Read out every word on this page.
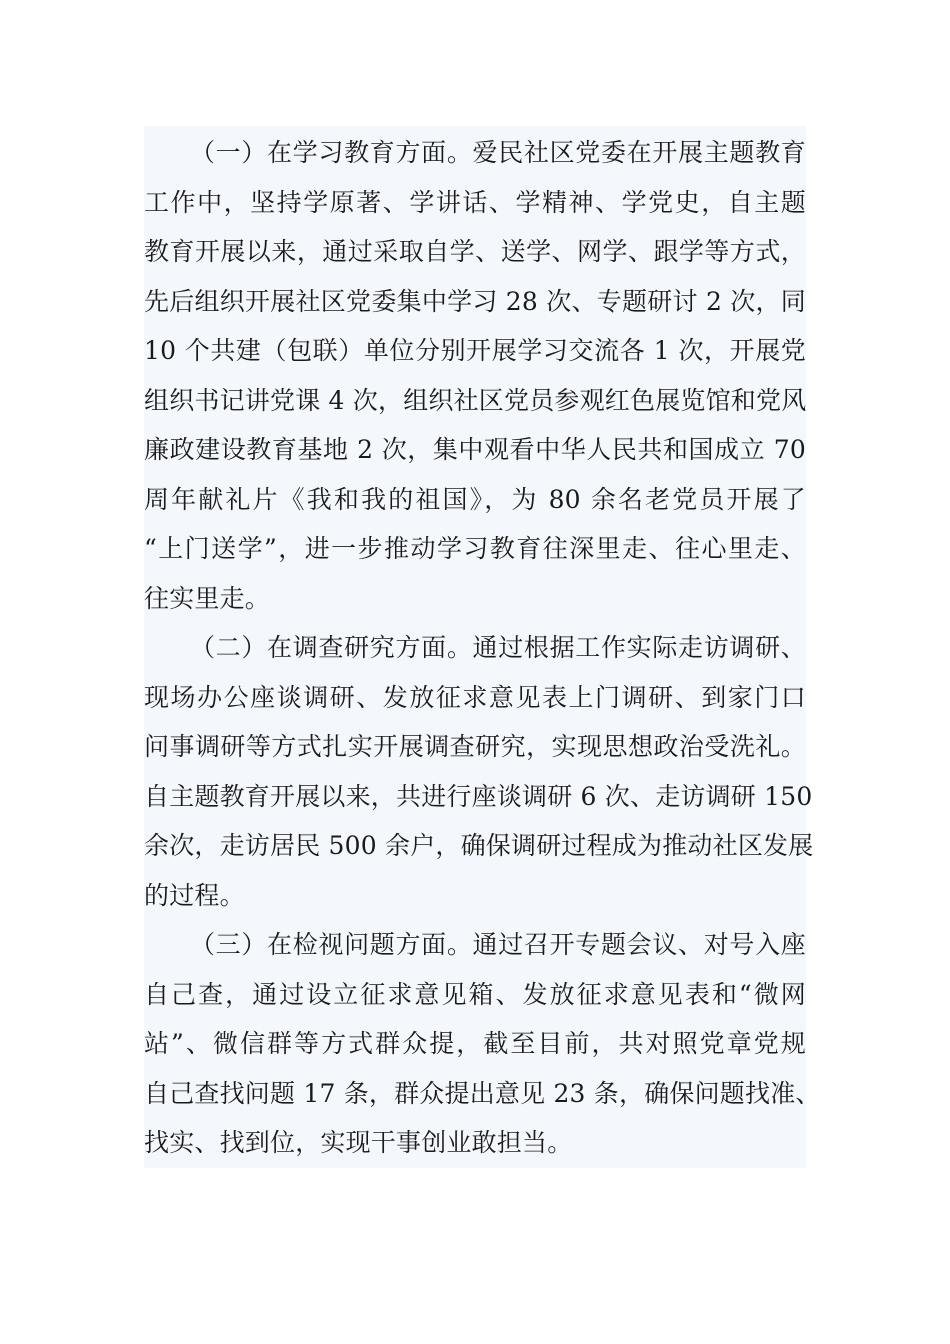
（一）在学习教育方面。爱民社区党委在开展主题教育
工作中，坚持学原著、学讲话、学精神、学党史，自主题
教育开展以来，通过采取自学、送学、网学、跟学等方式，
先后组织开展社区党委集中学习 28 次、专题研讨 2 次，同
10 个共建（包联）单位分别开展学习交流各 1 次，开展党
组织书记讲党课 4 次，组织社区党员参观红色展览馆和党风
廉政建设教育基地 2 次，集中观看中华人民共和国成立 70
周年献礼片《我和我的祖国》，为 80 余名老党员开展了
“上门送学”，进一步推动学习教育往深里走、往心里走、
往实里走。
（二）在调查研究方面。通过根据工作实际走访调研、
现场办公座谈调研、发放征求意见表上门调研、到家门口
问事调研等方式扎实开展调查研究，实现思想政治受洗礼。
自主题教育开展以来，共进行座谈调研 6 次、走访调研 150
余次，走访居民 500 余户，确保调研过程成为推动社区发展
的过程。
（三）在检视问题方面。通过召开专题会议、对号入座
自己查，通过设立征求意见箱、发放征求意见表和“微网
站”、微信群等方式群众提，截至目前，共对照党章党规
自己查找问题 17 条，群众提出意见 23 条，确保问题找准、
找实、找到位，实现干事创业敢担当。
